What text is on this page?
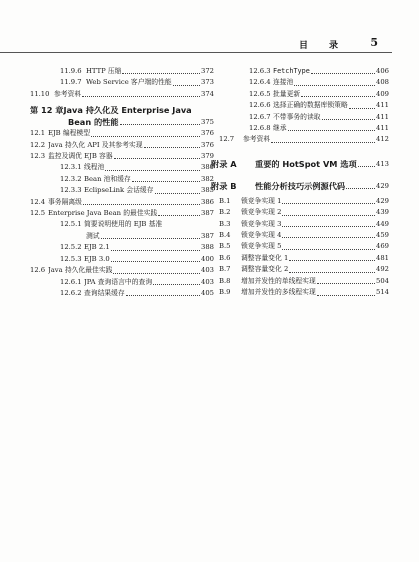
目　录 5
11.9.6 HTTP 压缩	372
11.9.7 Web Service 客户端的性能	373
11.10 参考资料	374
第 12 章Java 持久化及 Enterprise Java
Bean 的性能	375
12.1 EJB 编程模型	376
12.2 Java 持久化 API 及其参考实现	376
12.3 监控及调优 EJB 容器	379
12.3.1 线程池	380
12.3.2 Bean 池和缓存	382
12.3.3 EclipseLink 会话缓存	385
12.4 事务隔离级	386
12.5 Enterprise Java Bean 的最佳实践	387
12.5.1 简要说明使用的 EJB 基准
测试	387
12.5.2 EJB 2.1	388
12.5.3 EJB 3.0	400
12.6 Java 持久化最佳实践	403
12.6.1 JPA 查询语言中的查询	403
12.6.2 查询结果缓存	405
12.6.3 FetchType	406
12.6.4 连接池	408
12.6.5 批量更新	409
12.6.6 选择正确的数据库锁策略	411
12.6.7 不带事务的读取	411
12.6.8 继承	411
12.7	参考资料	412
附录 A	重要的 HotSpot VM 选项	413
附录 B	性能分析技巧示例源代码	429
B.1	锁竞争实现 1	429
B.2	锁竞争实现 2	439
B.3	锁竞争实现 3	449
B.4	锁竞争实现 4	459
B.5	锁竞争实现 5	469
B.6	调整容量变化 1	481
B.7	调整容量变化 2	492
B.8	增加并发性的单线程实现	504
B.9	增加并发性的多线程实现	514
